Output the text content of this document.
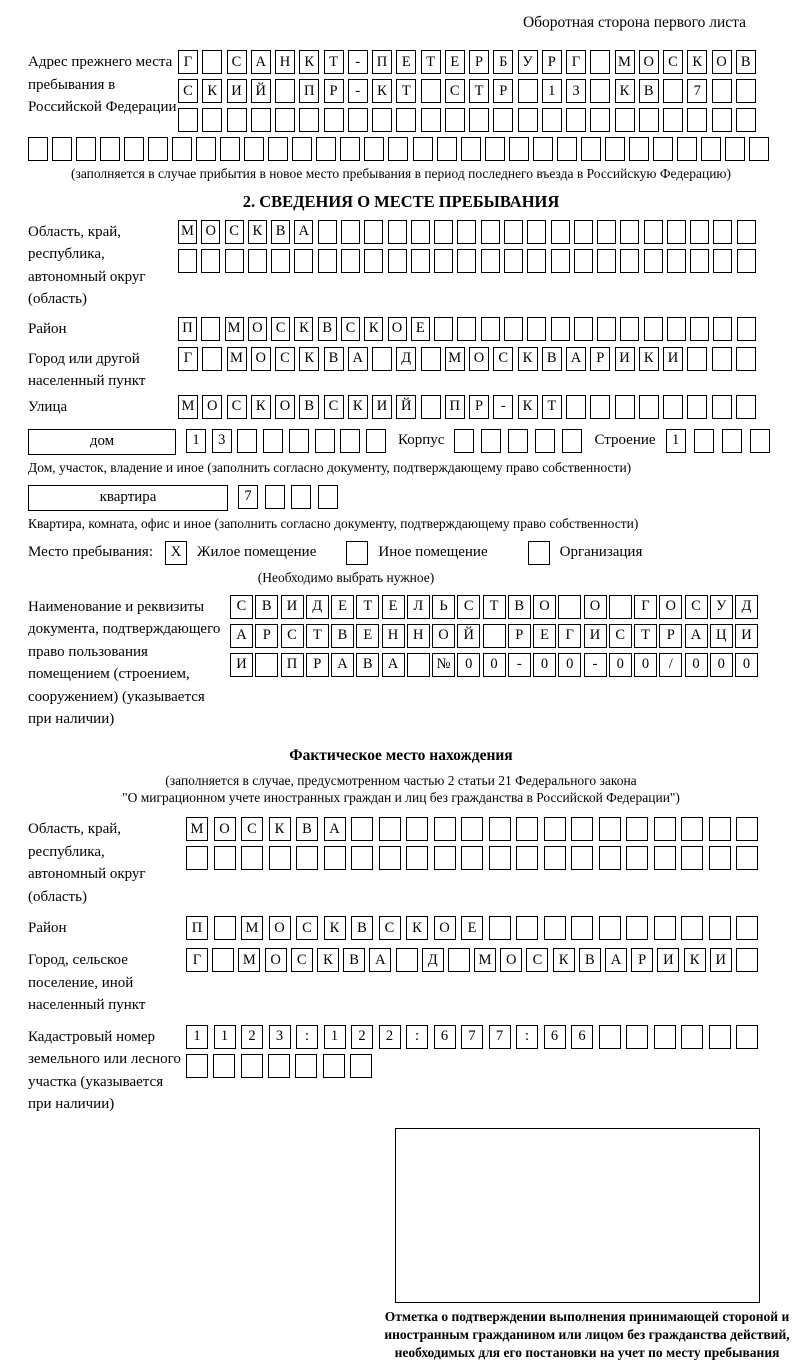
Оборотная сторона первого листа
Адрес прежнего места пребывания в Российской Федерации
Г	С А Н К	Т	-	П	Е	Т	Е	Р	Б	У	Р	Г	М О С	К О В
С	К И Й	П	Р	-	К	Т	С	Т	Р	1	3	К	В	7
(заполняется в случае прибытия в новое место пребывания в период последнего въезда в Российскую Федерацию)
2. СВЕДЕНИЯ О МЕСТЕ ПРЕБЫВАНИЯ
Область, край, республика, автономный округ (область)
М О С К В А
Район	П М О С К В С К О Е
Город или другой населенный пункт
Г	М О С	К	В А	Д	М О С	К	В А	Р	И К И
Улица	М О С	К О В	С	К И Й	П	Р	-	К	Т
дом	1	3	Корпус	Строение	1
Дом, участок, владение и иное (заполнить согласно документу, подтверждающему право собственности)
квартира	7
Квартира, комната, офис и иное (заполнить согласно документу, подтверждающему право собственности)
Место пребывания:	X	Жилое помещение	Иное помещение	Организация
(Необходимо выбрать нужное)
Наименование и реквизиты документа, подтверждающего право пользования помещением (строением, сооружением) (указывается при наличии)
С	В	И	Д	Е	Т	Е	Л	Ь	С	Т	В	О	О	Г	О	С	У	Д
А	Р	С	Т	В	Е	Н	Н	О	Й	Р	Е	Г	И	С	Т	Р	А	Ц	И
И	П	Р	А	В	А	№	0	0	-	0	0	-	0	0	/	0	0	0
Фактическое место нахождения
(заполняется в случае, предусмотренном частью 2 статьи 21 Федерального закона
"О миграционном учете иностранных граждан и лиц без гражданства в Российской Федерации")
Область, край, республика, автономный округ (область)
М	О	С	К	В	А
Район	П	М	О	С	К	В	С	К	О	Е
Город, сельское поселение, иной населенный пункт
Г	М О	С	К	В	А	Д	М О	С	К	В	А	Р	И	К	И
Кадастровый номер земельного или лесного участка (указывается при наличии)
1	1	2	3	:	1	2	2	:	6	7	7	:	6	6
Отметка о подтверждении выполнения принимающей стороной и иностранным гражданином или лицом без гражданства действий, необходимых для его постановки на учет по месту пребывания
